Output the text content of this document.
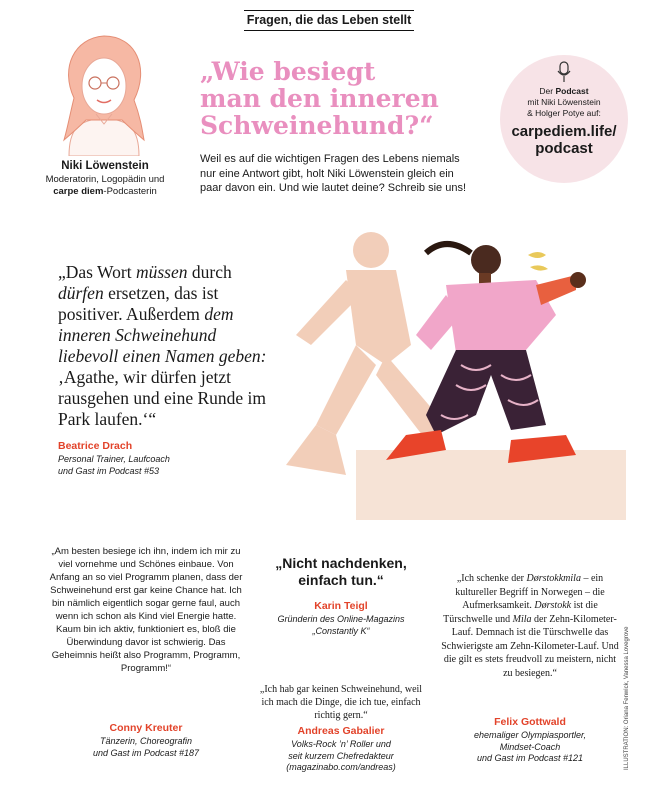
Fragen, die das Leben stellt
Niki Löwenstein
Moderatorin, Logopädin und
carpe diem-Podcasterin
„Wie besiegt
man den inneren
Schweinehund?“
Weil es auf die wichtigen Fragen des Lebens niemals nur eine Antwort gibt, holt Niki Löwenstein gleich ein paar davon ein. Und wie lautet deine? Schreib sie uns!
Der Podcast
mit Niki Löwenstein
& Holger Potye auf:
carpediem.life/
podcast
„Das Wort müssen durch dürfen ersetzen, das ist positiver. Außerdem dem inneren Schweinehund liebevoll einen Namen geben: ‚Agathe, wir dürfen jetzt rausgehen und eine Runde im Park laufen.‘“
Beatrice Drach
Personal Trainer, Laufcoach
und Gast im Podcast #53
„Am besten besiege ich ihn, indem ich mir zu viel vornehme und Schönes einbaue. Von Anfang an so viel Programm planen, dass der Schweinehund erst gar keine Chance hat. Ich bin nämlich eigentlich sogar gerne faul, auch wenn ich schon als Kind viel Energie hatte. Kaum bin ich aktiv, funktioniert es, bloß die Überwindung davor ist schwierig. Das Geheimnis heißt also Programm, Programm, Programm!“
Conny Kreuter
Tänzerin, Choreografin
und Gast im Podcast #187
„Nicht nachdenken, einfach tun.“
Karin Teigl
Gründerin des Online-Magazins
„Constantly K“
„Ich hab gar keinen Schweinehund, weil ich mach die Dinge, die ich tue, einfach richtig gern.“
Andreas Gabalier
Volks-Rock ’n’ Roller und
seit kurzem Chefredakteur
(magazinabo.com/andreas)
„Ich schenke der Dørstokkmila – ein kultureller Begriff in Norwegen – die Aufmerksamkeit. Dørstokk ist die Türschwelle und Mila der Zehn-Kilometer-Lauf. Demnach ist die Türschwelle das Schwierigste am Zehn-Kilometer-Lauf. Und die gilt es stets freudvoll zu meistern, nicht zu besiegen.“
Felix Gottwald
ehemaliger Olympiasportler,
Mindset-Coach
und Gast im Podcast #121	ILLUSTRATION: Oriana Fenwick, Vanessa Lovegrove
